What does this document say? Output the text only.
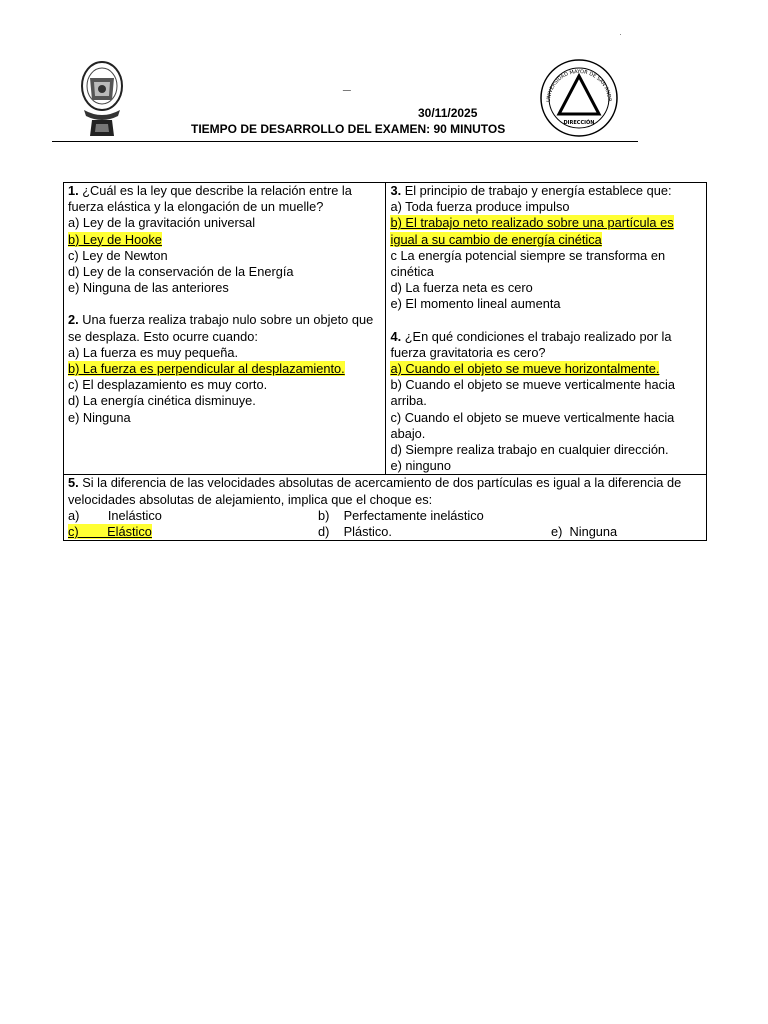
_
30/11/2025
TIEMPO DE DESARROLLO DEL EXAMEN: 90 MINUTOS
UNIVERSIDAD MAYOR DE SAN ANDR
DIRECCIÓN

1. ¿Cuál es la ley que describe la relación entre la fuerza elástica y la elongación de un muelle?

a) Ley de la gravitación universal

b) Ley de Hooke

c) Ley de Newton

d) Ley de la conservación de la Energía

e) Ninguna de las anteriores

2. Una fuerza realiza trabajo nulo sobre un objeto que se desplaza. Esto ocurre cuando:

a) La fuerza es muy pequeña.

b) La fuerza es perpendicular al desplazamiento.

c) El desplazamiento es muy corto.

d) La energía cinética disminuye.

e) Ninguna

3. El principio de trabajo y energía establece que:

a) Toda fuerza produce impulso

b) El trabajo neto realizado sobre una partícula es igual a su cambio de energía cinética

c La energía potencial siempre se transforma en cinética

d) La fuerza neta es cero

e) El momento lineal aumenta

4. ¿En qué condiciones el trabajo realizado por la fuerza gravitatoria es cero?

a) Cuando el objeto se mueve horizontalmente.

b) Cuando el objeto se mueve verticalmente hacia arriba.

c) Cuando el objeto se mueve verticalmente hacia abajo.

d) Siempre realiza trabajo en cualquier dirección.

e) ninguno

5. Si la diferencia de las velocidades absolutas de acercamiento de dos partículas es igual a la diferencia de velocidades absolutas de alejamiento, implica que el choque es:

a)        Inelástico	b)    Perfectamente inelástico
c)        Elástico	d)    Plástico.	e)  Ninguna
